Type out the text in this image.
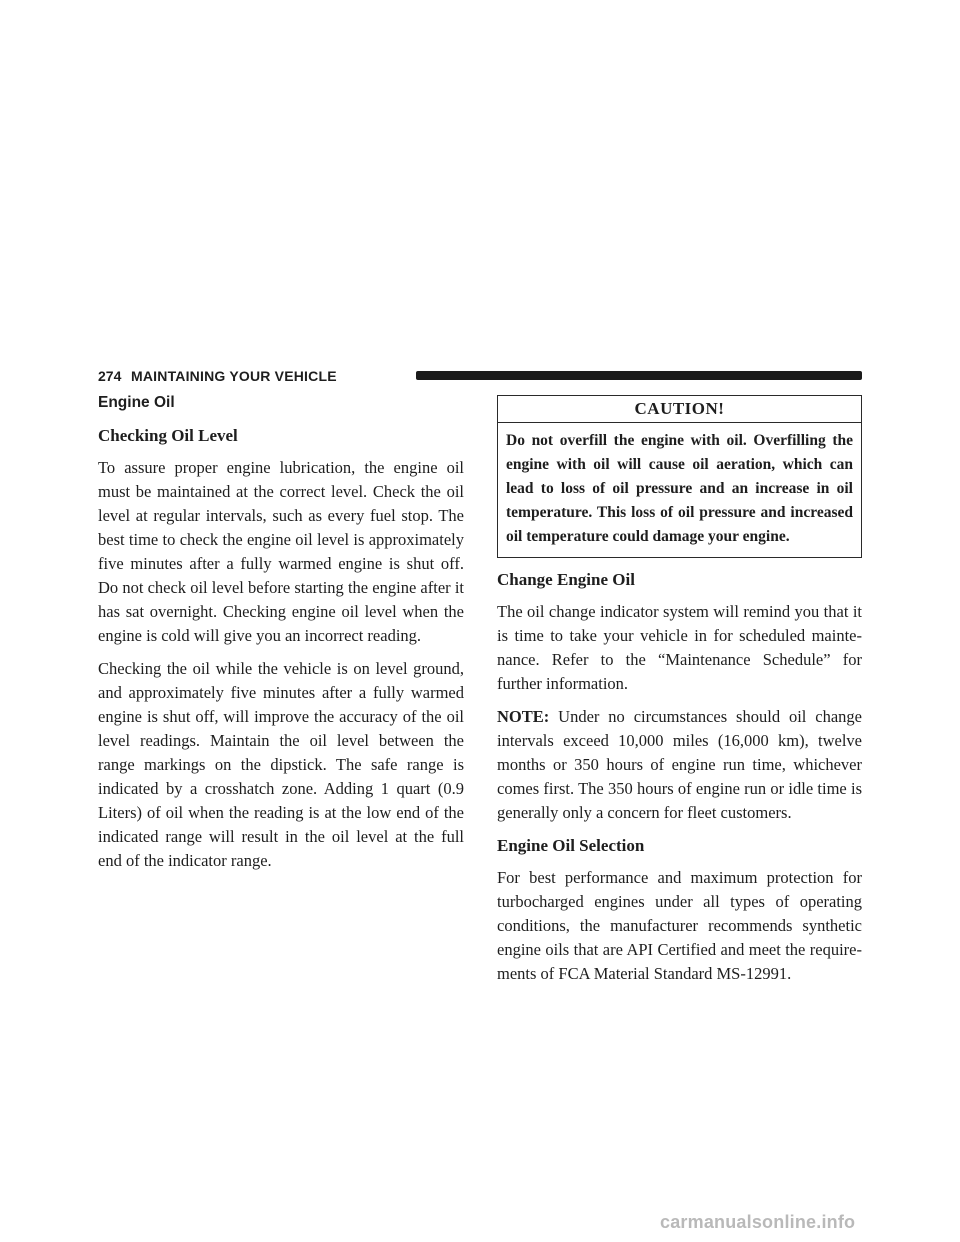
274 MAINTAINING YOUR VEHICLE
Engine Oil
Checking Oil Level

To assure proper engine lubrication, the engine oil must be maintained at the correct level. Check the oil level at regular intervals, such as every fuel stop. The best time to check the engine oil level is approximately five minutes after a fully warmed engine is shut off. Do not check oil level before starting the engine after it has sat overnight. Checking engine oil level when the engine is cold will give you an incorrect reading.

Checking the oil while the vehicle is on level ground, and approximately five minutes after a fully warmed engine is shut off, will improve the accuracy of the oil level readings. Maintain the oil level between the range markings on the dipstick. The safe range is indicated by a crosshatch zone. Adding 1 quart (0.9 Liters) of oil when the reading is at the low end of the indicated range will result in the oil level at the full end of the indicator range.

CAUTION!
Do not overfill the engine with oil. Overfilling the engine with oil will cause oil aeration, which can lead to loss of oil pressure and an increase in oil temperature. This loss of oil pressure and increased oil temperature could damage your engine.
Change Engine Oil

The oil change indicator system will remind you that it is time to take your vehicle in for scheduled mainte-nance. Refer to the “Maintenance Schedule” for further information.

NOTE: Under no circumstances should oil change intervals exceed 10,000 miles (16,000 km), twelve months or 350 hours of engine run time, whichever comes first. The 350 hours of engine run or idle time is generally only a concern for fleet customers.

Engine Oil Selection

For best performance and maximum protection for turbocharged engines under all types of operating conditions, the manufacturer recommends synthetic engine oils that are API Certified and meet the require-ments of FCA Material Standard MS-12991.

carmanualsonline.info
